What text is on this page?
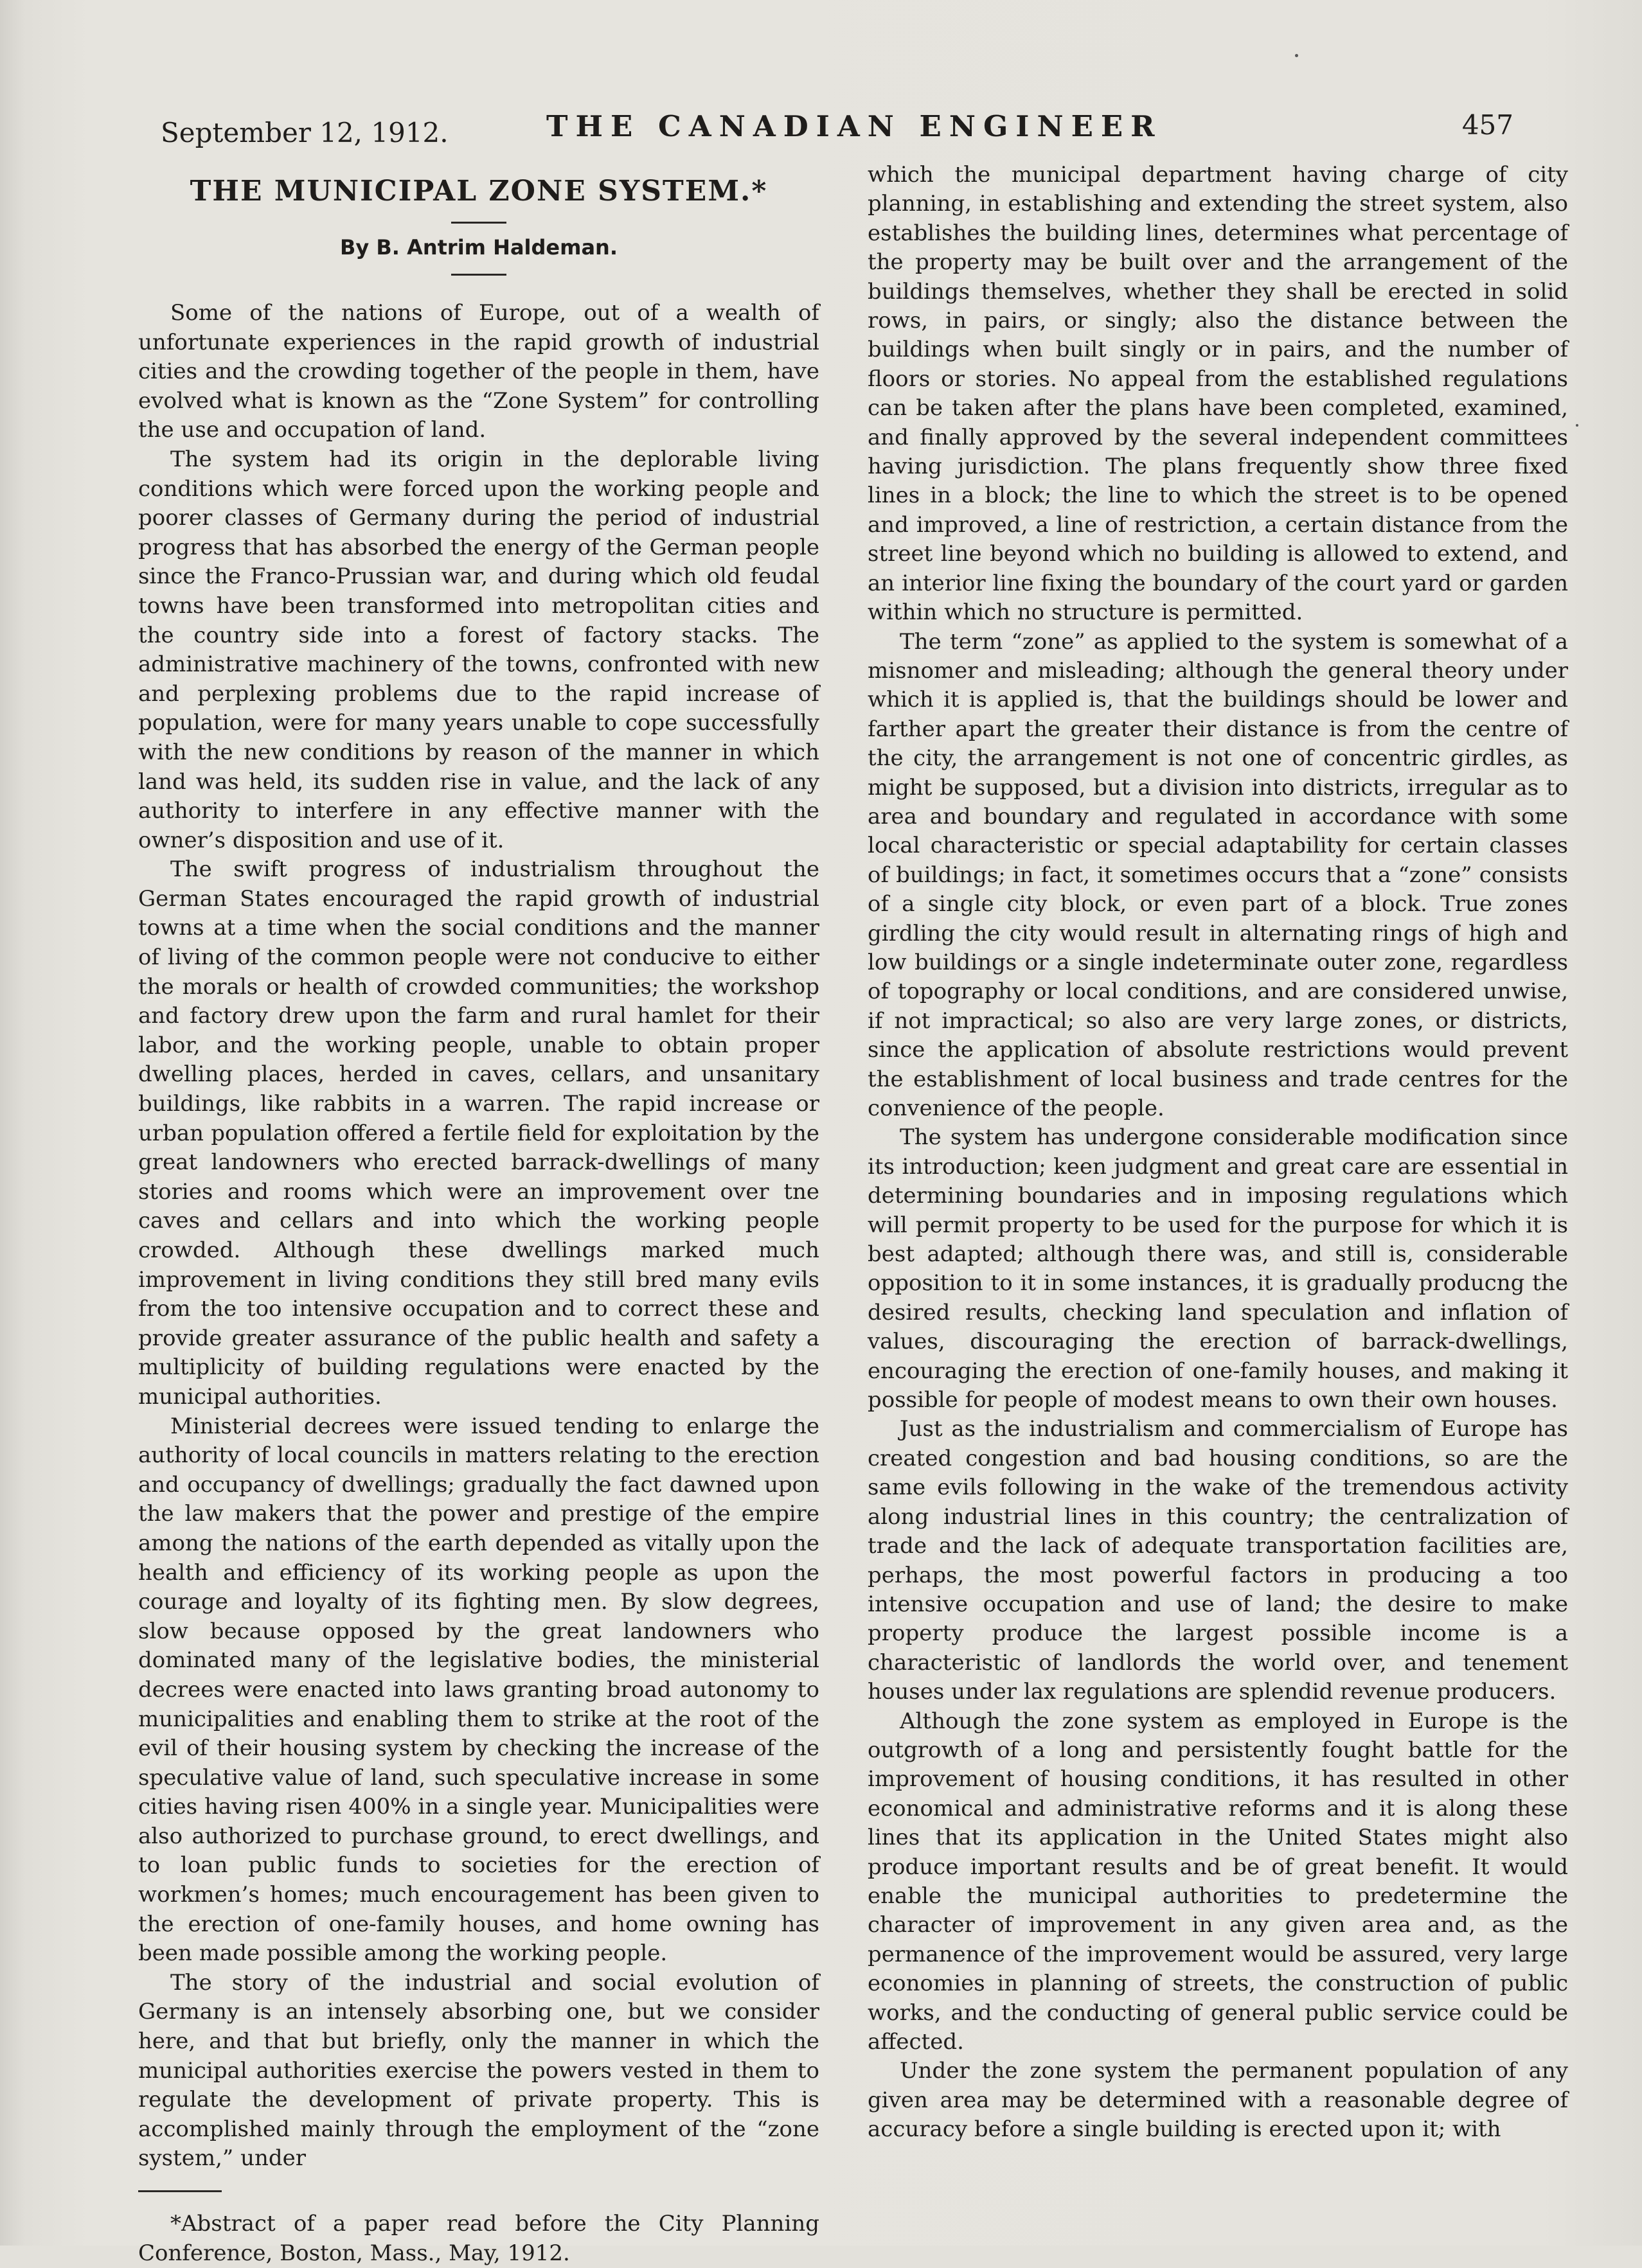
September 12, 1912.	THE CANADIAN ENGINEER	457
THE MUNICIPAL ZONE SYSTEM.*
By B. Antrim Haldeman.

Some of the nations of Europe, out of a wealth of unfortunate experiences in the rapid growth of industrial cities and the crowding together of the people in them, have evolved what is known as the “Zone System” for controlling the use and occupation of land.

The system had its origin in the deplorable living conditions which were forced upon the working people and poorer classes of Germany during the period of industrial progress that has absorbed the energy of the German people since the Franco-Prussian war, and during which old feudal towns have been transformed into metropolitan cities and the country side into a forest of factory stacks. The administrative machinery of the towns, confronted with new and perplexing problems due to the rapid increase of population, were for many years unable to cope successfully with the new conditions by reason of the manner in which land was held, its sudden rise in value, and the lack of any authority to interfere in any effective manner with the owner’s disposition and use of it.

The swift progress of industrialism throughout the German States encouraged the rapid growth of industrial towns at a time when the social conditions and the manner of living of the common people were not conducive to either the morals or health of crowded communities; the workshop and factory drew upon the farm and rural hamlet for their labor, and the working people, unable to obtain proper dwelling places, herded in caves, cellars, and unsanitary buildings, like rabbits in a warren. The rapid increase or urban population offered a fertile field for exploitation by the great landowners who erected barrack-dwellings of many stories and rooms which were an improvement over tne caves and cellars and into which the working people crowded. Although these dwellings marked much improvement in living conditions they still bred many evils from the too intensive occupation and to correct these and provide greater assurance of the public health and safety a multiplicity of building regulations were enacted by the municipal authorities.

Ministerial decrees were issued tending to enlarge the authority of local councils in matters relating to the erection and occupancy of dwellings; gradually the fact dawned upon the law makers that the power and prestige of the empire among the nations of the earth depended as vitally upon the health and efficiency of its working people as upon the courage and loyalty of its fighting men. By slow degrees, slow because opposed by the great landowners who dominated many of the legislative bodies, the ministerial decrees were enacted into laws granting broad autonomy to municipalities and enabling them to strike at the root of the evil of their housing system by checking the increase of the speculative value of land, such speculative increase in some cities having risen 400% in a single year. Municipalities were also authorized to purchase ground, to erect dwellings, and to loan public funds to societies for the erection of workmen’s homes; much encouragement has been given to the erection of one-family houses, and home owning has been made possible among the working people.

The story of the industrial and social evolution of Germany is an intensely absorbing one, but we consider here, and that but briefly, only the manner in which the municipal authorities exercise the powers vested in them to regulate the development of private property. This is accomplished mainly through the employment of the “zone system,” under

*Abstract of a paper read before the City Planning Conference, Boston, Mass., May, 1912.

which the municipal department having charge of city planning, in establishing and extending the street system, also establishes the building lines, determines what percentage of the property may be built over and the arrangement of the buildings themselves, whether they shall be erected in solid rows, in pairs, or singly; also the distance between the buildings when built singly or in pairs, and the number of floors or stories. No appeal from the established regulations can be taken after the plans have been completed, examined, and finally approved by the several independent committees having jurisdiction. The plans frequently show three fixed lines in a block; the line to which the street is to be opened and improved, a line of restriction, a certain distance from the street line beyond which no building is allowed to extend, and an interior line fixing the boundary of the court yard or garden within which no structure is permitted.

The term “zone” as applied to the system is somewhat of a misnomer and misleading; although the general theory under which it is applied is, that the buildings should be lower and farther apart the greater their distance is from the centre of the city, the arrangement is not one of concentric girdles, as might be supposed, but a division into districts, irregular as to area and boundary and regulated in accordance with some local characteristic or special adaptability for certain classes of buildings; in fact, it sometimes occurs that a “zone” consists of a single city block, or even part of a block. True zones girdling the city would result in alternating rings of high and low buildings or a single indeterminate outer zone, regardless of topography or local conditions, and are considered unwise, if not impractical; so also are very large zones, or districts, since the application of absolute restrictions would prevent the establishment of local business and trade centres for the convenience of the people.

The system has undergone considerable modification since its introduction; keen judgment and great care are essential in determining boundaries and in imposing regulations which will permit property to be used for the purpose for which it is best adapted; although there was, and still is, considerable opposition to it in some instances, it is gradually producng the desired results, checking land speculation and inflation of values, discouraging the erection of barrack-dwellings, encouraging the erection of one-family houses, and making it possible for people of modest means to own their own houses.

Just as the industrialism and commercialism of Europe has created congestion and bad housing conditions, so are the same evils following in the wake of the tremendous activity along industrial lines in this country; the centralization of trade and the lack of adequate transportation facilities are, perhaps, the most powerful factors in producing a too intensive occupation and use of land; the desire to make property produce the largest possible income is a characteristic of landlords the world over, and tenement houses under lax regulations are splendid revenue producers.

Although the zone system as employed in Europe is the outgrowth of a long and persistently fought battle for the improvement of housing conditions, it has resulted in other economical and administrative reforms and it is along these lines that its application in the United States might also produce important results and be of great benefit. It would enable the municipal authorities to predetermine the character of improvement in any given area and, as the permanence of the improvement would be assured, very large economies in planning of streets, the construction of public works, and the conducting of general public service could be affected.

Under the zone system the permanent population of any given area may be determined with a reasonable degree of accuracy before a single building is erected upon it; with
